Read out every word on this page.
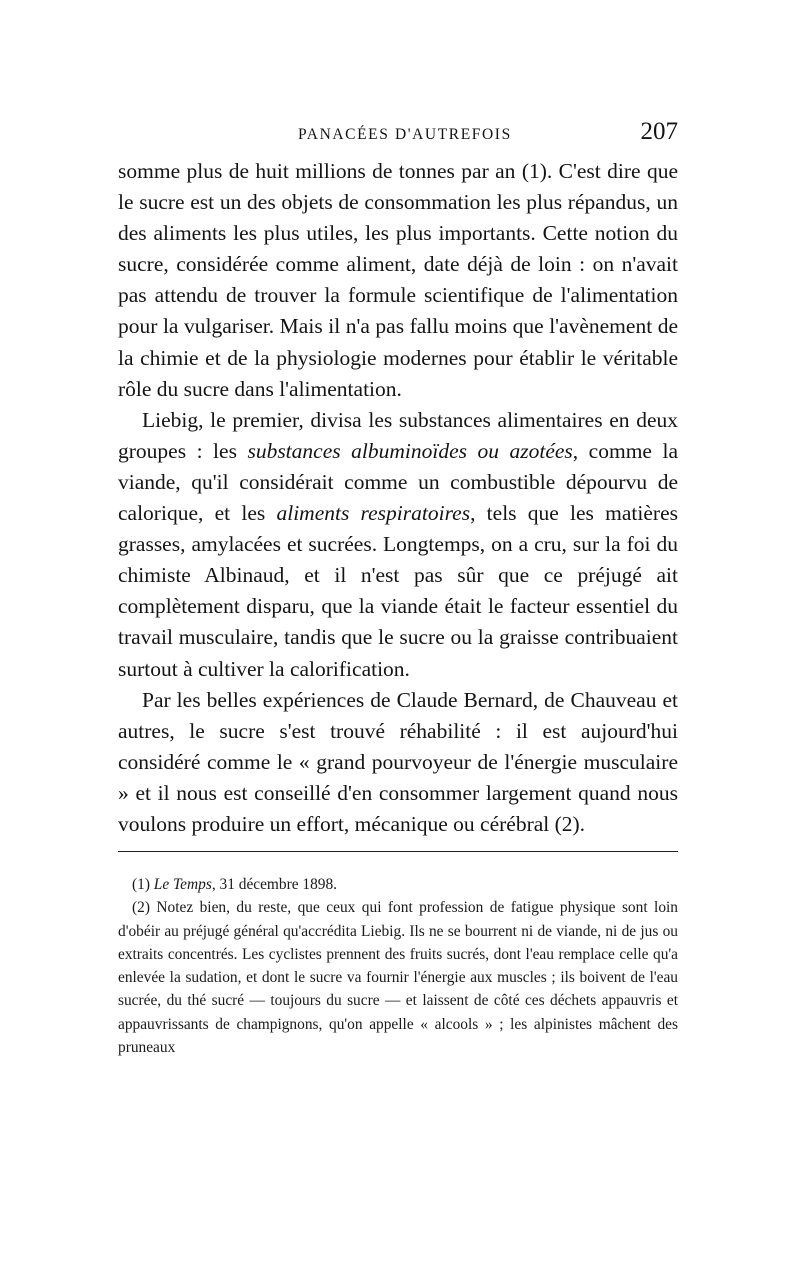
PANACÉES D'AUTREFOIS	207

somme plus de huit millions de tonnes par an (1). C'est dire que le sucre est un des objets de consommation les plus répandus, un des aliments les plus utiles, les plus importants. Cette notion du sucre, considérée comme aliment, date déjà de loin : on n'avait pas attendu de trouver la formule scientifique de l'alimentation pour la vulgariser. Mais il n'a pas fallu moins que l'avènement de la chimie et de la physiologie modernes pour établir le véritable rôle du sucre dans l'alimentation.

Liebig, le premier, divisa les substances alimentaires en deux groupes : les substances albuminoïdes ou azotées, comme la viande, qu'il considérait comme un combustible dépourvu de calorique, et les aliments respiratoires, tels que les matières grasses, amylacées et sucrées. Longtemps, on a cru, sur la foi du chimiste Albinaud, et il n'est pas sûr que ce préjugé ait complètement disparu, que la viande était le facteur essentiel du travail musculaire, tandis que le sucre ou la graisse contribuaient surtout à cultiver la calorification.

Par les belles expériences de Claude Bernard, de Chauveau et autres, le sucre s'est trouvé réhabilité : il est aujourd'hui considéré comme le « grand pourvoyeur de l'énergie musculaire » et il nous est conseillé d'en consommer largement quand nous voulons produire un effort, mécanique ou cérébral (2).

(1) Le Temps, 31 décembre 1898.

(2) Notez bien, du reste, que ceux qui font profession de fatigue physique sont loin d'obéir au préjugé général qu'accrédita Liebig. Ils ne se bourrent ni de viande, ni de jus ou extraits concentrés. Les cyclistes prennent des fruits sucrés, dont l'eau remplace celle qu'a enlevée la sudation, et dont le sucre va fournir l'énergie aux muscles ; ils boivent de l'eau sucrée, du thé sucré — toujours du sucre — et laissent de côté ces déchets appauvris et appauvrissants de champignons, qu'on appelle « alcools » ; les alpinistes mâchent des pruneaux
